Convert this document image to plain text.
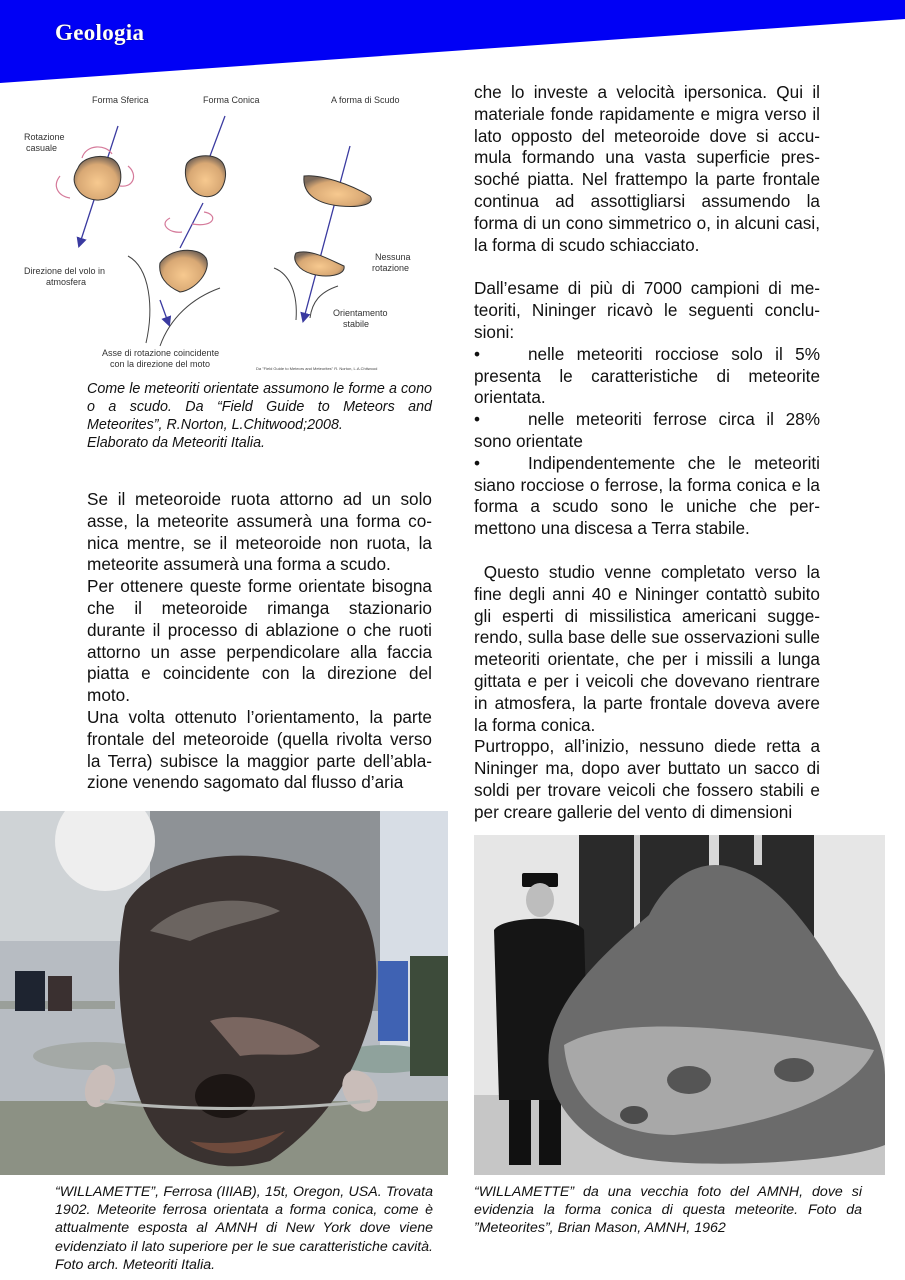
Geologia
Forma Sferica	Forma Conica	A forma di Scudo
Rotazione
casuale
Direzione del volo in
atmosfera
Asse di rotazione coincidente
con la direzione del moto
Nessuna
rotazione
Orientamento
stabile
Da "Field Guide to Meteors and Meteorites" R. Norton, L.A.Chitwood

Come le meteoriti orientate assumono le forme a cono o a scudo. Da “Field Guide to Meteors and Meteorites”, R.Norton, L.Chitwood;2008.

Elaborato da Meteoriti Italia.

Se il meteoroide ruota attorno ad un solo asse, la meteorite assumerà una forma conica mentre, se il meteoroide non ruota, la meteorite assumerà una forma a scudo.

Per ottenere queste forme orientate bisogna che il meteoroide rimanga stazionario durante il processo di ablazione o che ruoti attorno un asse perpendicolare alla faccia piatta e coincidente con la direzione del moto.

Una volta ottenuto l’orientamento, la parte frontale del meteoroide (quella rivolta verso la Terra) subisce la maggior parte dell’ablazione venendo sagomato dal flusso d’aria

che lo investe a velocità ipersonica. Qui il materiale fonde rapidamente e migra verso il lato opposto del meteoroide dove si accumula formando una vasta superficie pressoché piatta. Nel frattempo la parte frontale continua ad assottigliarsi assumendo la forma di un cono simmetrico o, in alcuni casi, la forma di scudo schiacciato.

Dall’esame di più di 7000 campioni di meteoriti, Nininger ricavò le seguenti conclusioni:

•	nelle meteoriti rocciose solo il 5% presenta le caratteristiche di meteorite orientata.

•	nelle meteoriti ferrose circa il 28% sono orientate

•	Indipendentemente che le meteoriti siano rocciose o ferrose, la forma conica e la forma a scudo sono le uniche che permettono una discesa a Terra stabile.

Questo studio venne completato verso la fine degli anni 40 e Nininger contattò subito gli esperti di missilistica americani suggerendo, sulla base delle sue osservazioni sulle meteoriti orientate, che per i missili a lunga gittata e per i veicoli che dovevano rientrare in atmosfera, la parte frontale doveva avere la forma conica.

Purtroppo, all’inizio, nessuno diede retta a Nininger ma, dopo aver buttato un sacco di soldi per trovare veicoli che fossero stabili e per creare gallerie del vento di dimensioni

“WILLAMETTE”, Ferrosa (IIIAB), 15t, Oregon, USA. Trovata 1902. Meteorite ferrosa orientata a forma conica, come è attualmente esposta al AMNH di New York dove viene evidenziato il lato superiore per le sue caratteristiche cavità. Foto arch. Meteoriti Italia.
“WILLAMETTE” da una vecchia foto del AMNH, dove si evidenzia la forma conica di questa meteorite. Foto da ”Meteorites”, Brian Mason, AMNH, 1962
